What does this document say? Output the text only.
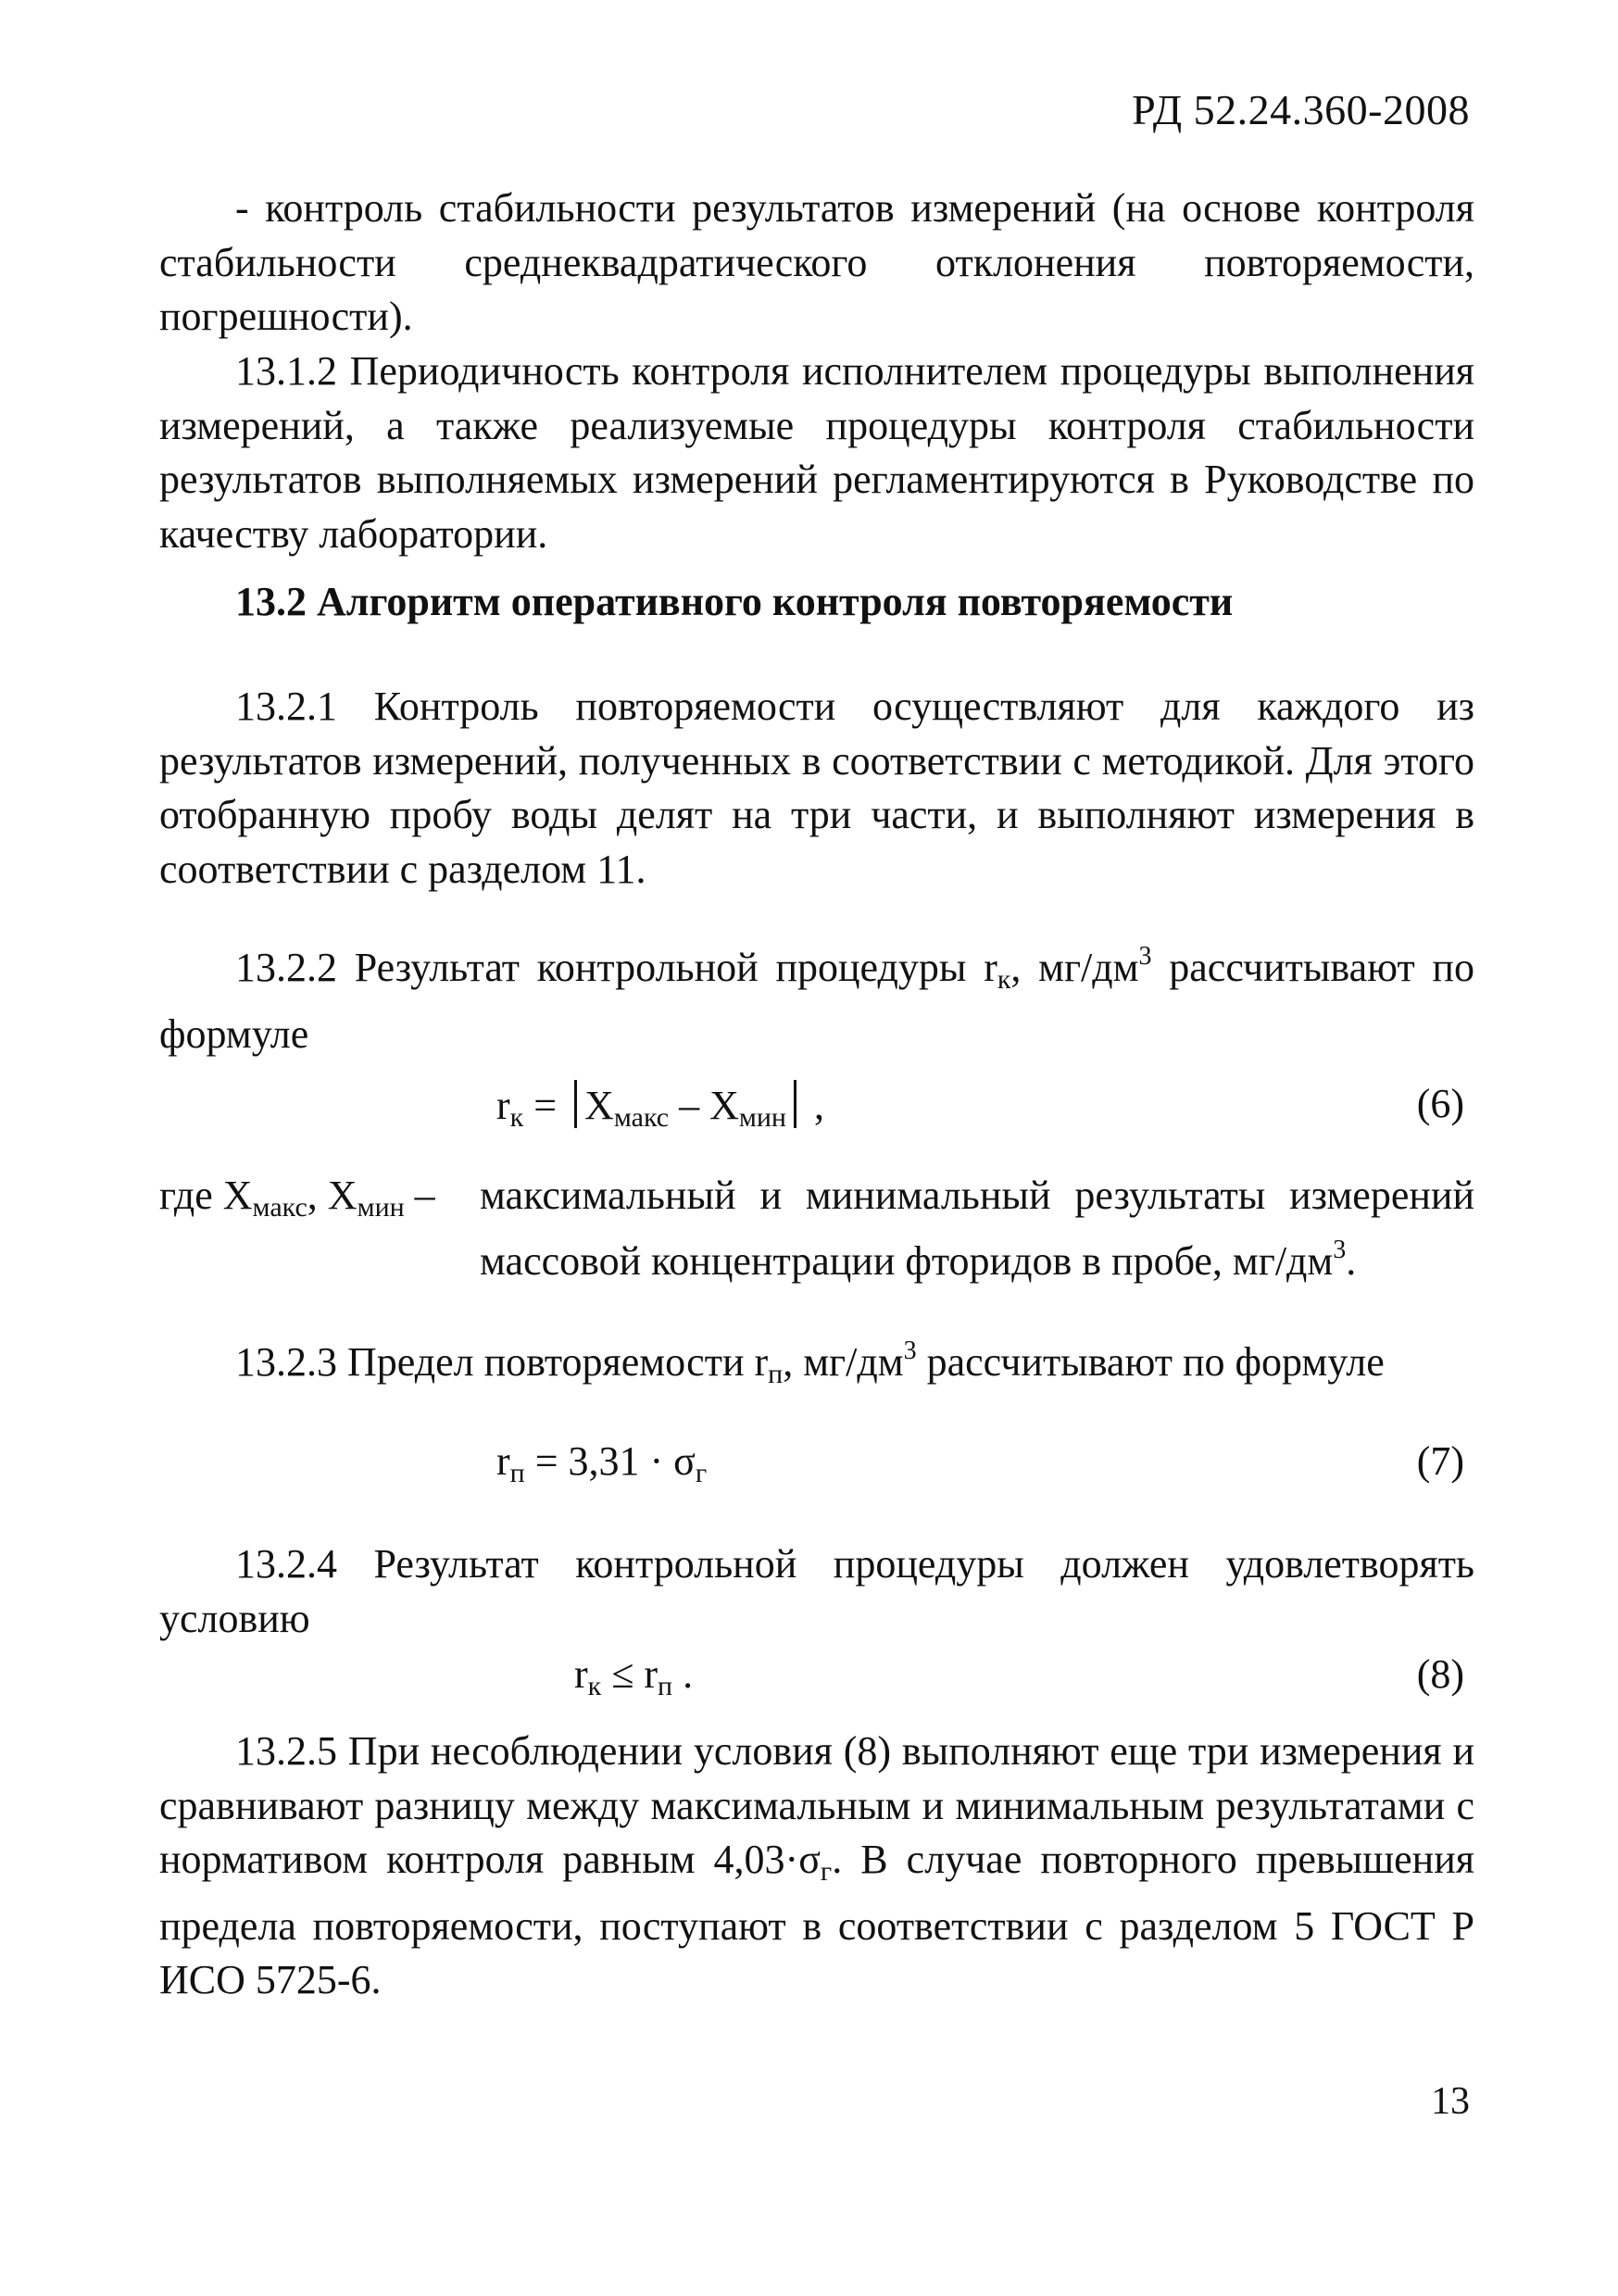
РД 52.24.360-2008

- контроль стабильности результатов измерений (на основе контроля стабильности среднеквадратического отклонения повторяемости, погрешности).

13.1.2 Периодичность контроля исполнителем процедуры выполнения измерений, а также реализуемые процедуры контроля стабильности результатов выполняемых измерений регламентируются в Руководстве по качеству лаборатории.

13.2 Алгоритм оперативного контроля повторяемости

13.2.1 Контроль повторяемости осуществляют для каждого из результатов измерений, полученных в соответствии с методикой. Для этого отобранную пробу воды делят на три части, и выполняют измерения в соответствии с разделом 11.

13.2.2 Результат контрольной процедуры $r_к$, $мг/дм^3$ рассчитывают по формуле

$r_к = X_{макс} - X_{мин}$ ,	(6)
где $X_{макс}$, $X_{мин}$ – максимальный и минимальный результаты измерений массовой концентрации фторидов в пробе, $мг/дм^3$.

13.2.3 Предел повторяемости $r_п$, $мг/дм^3$ рассчитывают по формуле

$r_п = 3,31 \cdot \sigma_г$	(7)

13.2.4 Результат контрольной процедуры должен удовлетворять условию

$r_к \le r_п$ .	(8)

13.2.5 При несоблюдении условия (8) выполняют еще три измерения и сравнивают разницу между максимальным и минимальным результатами с нормативом контроля равным $4,03\cdot\sigma_г$. В случае повторного превышения предела повторяемости, поступают в соответствии с разделом 5 ГОСТ Р ИСО 5725-6.

13
